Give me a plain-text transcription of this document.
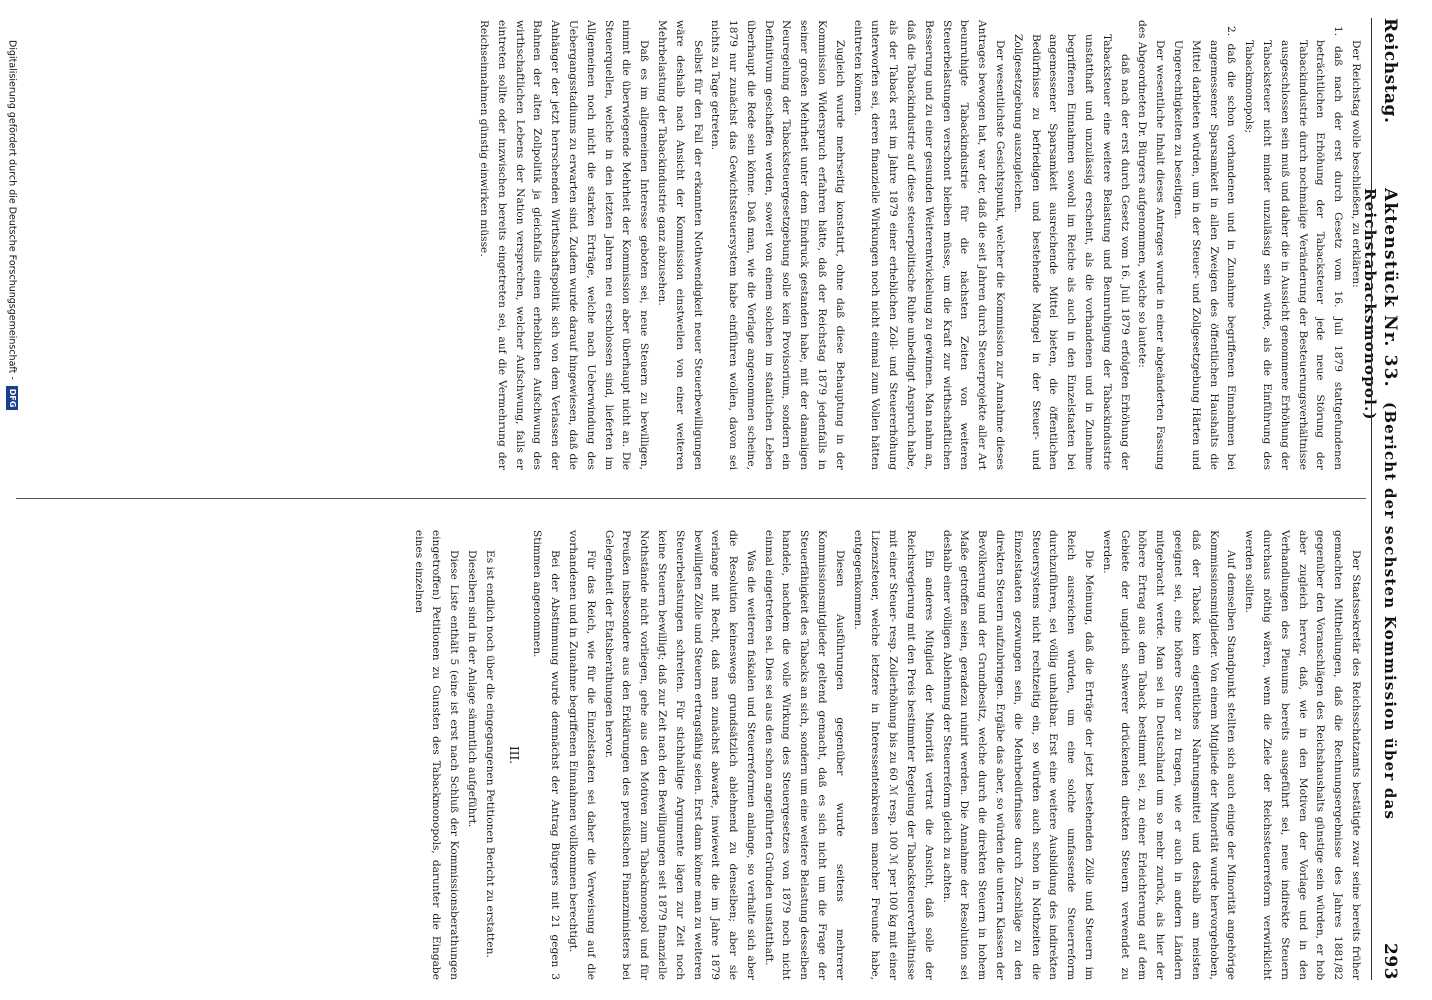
Reichstag.
Aktenstück Nr. 33.  (Bericht der sechsten Kommission über das Reichstabacksmonopol.)
293

Der Reichstag wolle beschließen, zu erklären:

1. daß nach der erst durch Gesetz vom 16. Juli 1879 stattgefundenen beträchtlichen Erhöhung der Tabacksteuer jede neue Störung der Tabackindustrie durch nochmalige Veränderung der Besteuerungsverhältnisse ausgeschlossen sein muß und daher die in Aussicht genommene Erhöhung der Tabacksteuer nicht minder unzulässig sein würde, als die Einführung des Tabackmonopols;

2. daß die schon vorhandenen und in Zunahme begriffenen Einnahmen bei angemessener Sparsamkeit in allen Zweigen des öffentlichen Haushalts die Mittel darbieten würden, um in der Steuer- und Zollgesetzgebung Härten und Ungerechtigkeiten zu beseitigen.

Der wesentliche Inhalt dieses Antrages wurde in einer abgeänderten Fassung des Abgeordneten Dr. Bürgers aufgenommen, welche so lautete:

daß nach der erst durch Gesetz vom 16. Juli 1879 erfolgten Erhöhung der Tabacksteuer eine weitere Belastung und Beunruhigung der Tabackindustrie unstatthaft und unzulässig erscheint, als die vorhandenen und in Zunahme begriffenen Einnahmen sowohl im Reiche als auch in den Einzelstaaten bei angemessener Sparsamkeit ausreichende Mittel bieten, die öffentlichen Bedürfnisse zu befriedigen und bestehende Mängel in der Steuer- und Zollgesetzgebung auszugleichen.

Der wesentlichste Gesichtspunkt, welcher die Kommission zur Annahme dieses Antrages bewogen hat, war der, daß die seit Jahren durch Steuerprojekte aller Art beunruhigte Tabackindustrie für die nächsten Zeiten von weiteren Steuerbelastungen verschont bleiben müsse, um die Kraft zur wirthschaftlichen Besserung und zu einer gesunden Weiterentwickelung zu gewinnen. Man nahm an, daß die Tabackindustrie auf diese steuerpolitische Ruhe unbedingt Anspruch habe, als der Taback erst im Jahre 1879 einer erheblichen Zoll- und Steuererhöhung unterworfen sei, deren finanzielle Wirkungen noch nicht einmal zum Vollen hätten eintreten können.

Zugleich wurde mehrseitig konstatirt, ohne daß diese Behauptung in der Kommission Widerspruch erfahren hätte, daß der Reichstag 1879 jedenfalls in seiner großen Mehrheit unter dem Eindruck gestanden habe, mit der damaligen Neuregelung der Tabacksteuergesetzgebung solle kein Provisorium, sondern ein Definitivum geschaffen werden, soweit von einem solchen im staatlichen Leben überhaupt die Rede sein könne. Daß man, wie die Vorlage angenommen scheine, 1879 nur zunächst das Gewichtssteuersystem habe einführen wollen, davon sei nichts zu Tage getreten.

Selbst für den Fall der erkannten Nothwendigkeit neuer Steuerbewilligungen wäre deshalb nach Ansicht der Kommission einstweilen von einer weiteren Mehrbelastung der Tabackindustrie ganz abzusehen.

Daß es im allgemeinen Interesse geboten sei, neue Steuern zu bewilligen, nimmt die überwiegende Mehrheit der Kommission aber überhaupt nicht an. Die Steuerquellen, welche in den letzten Jahren neu erschlossen sind, lieferten im Allgemeinen noch nicht die starken Erträge, welche nach Ueberwindung des Uebergangsstadiums zu erwarten sind. Zudem wurde darauf hingewiesen, daß die Anhänger der jetzt herrschenden Wirthschaftspolitik sich von dem Verlassen der Bahnen der alten Zollpolitik ja gleichfalls einen erheblichen Aufschwung des wirthschaftlichen Lebens der Nation versprechen, welcher Aufschwung, falls er eintreten sollte oder inzwischen bereits eingetreten sei, auf die Vermehrung der Reichseinnahmen günstig einwirken müsse.

Der Staatssekretär des Reichsschatzamts bestätigte zwar seine bereits früher gemachten Mittheilungen, daß die Rechnungsergebnisse des Jahres 1881/82 gegenüber den Voranschlägen des Reichshaushalts günstige sein würden, er hob aber zugleich hervor, daß, wie in den Motiven der Vorlage und in den Verhandlungen des Plenums bereits ausgeführt sei, neue indirekte Steuern durchaus nöthig wären, wenn die Ziele der Reichssteuerreform verwirklicht werden sollten.

Auf demselben Standpunkt stellten sich auch einige der Minorität angehörige Kommissionsmitglieder. Von einem Mitgliede der Minorität wurde hervorgehoben, daß der Taback kein eigentliches Nahrungsmittel und deshalb am meisten geeignet sei, eine höhere Steuer zu tragen, wie er auch in andern Ländern mitgebracht werde. Man sei in Deutschland um so mehr zurück, als hier der höhere Ertrag aus dem Taback bestimmt sei, zu einer Erleichterung auf dem Gebiete der ungleich schwerer drückenden direkten Steuern verwendet zu werden.

Die Meinung, daß die Erträge der jetzt bestehenden Zölle und Steuern im Reich ausreichen würden, um eine solche umfassende Steuerreform durchzuführen, sei völlig unhaltbar. Erst eine weitere Ausbildung des indirekten Steuersystems nicht rechtzeitig ein, so würden auch schon in Nothzeiten die Einzelstaaten gezwungen sein, die Mehrbedürfnisse durch Zuschläge zu den direkten Steuern aufzubringen. Ergäbe das aber, so würden die untern Klassen der Bevölkerung und der Grundbesitz, welche durch die direkten Steuern in hohem Maße getroffen seien, geradezu ruinirt werden. Die Annahme der Resolution sei deshalb einer völligen Ablehnung der Steuerreform gleich zu achten.

Ein anderes Mitglied der Minorität vertrat die Ansicht, daß solle der Reichsregierung mit den Preis bestimmter Regelung der Tabacksteuerverhältnisse mit einer Steuer- resp. Zollerhöhung bis zu 60 ℳ resp. 100 ℳ per 100 kg mit einer Lizenzsteuer, welche letztere in Interessentenkreisen mancher Freunde habe, entgegenkommen.

Diesen Ausführungen gegenüber wurde seitens mehrerer Kommissionsmitglieder geltend gemacht, daß es sich nicht um die Frage der Steuerfähigkeit des Tabacks an sich, sondern um eine weitere Belastung desselben handele, nachdem die volle Wirkung des Steuergesetzes von 1879 noch nicht einmal eingetreten sei. Dies sei aus den schon angeführten Gründen unstatthaft.

Was die weiteren fiskalen und Steuerreformen anlange, so verhalte sich aber die Resolution keineswegs grundsätzlich ablehnend zu denselben; aber sie verlange mit Recht, daß man zunächst abwarte, inwieweit die im Jahre 1879 bewilligten Zölle und Steuern ertragsfähig seien. Erst dann könne man zu weiteren Steuerbelastungen schreiten. Für stichhaltige Argumente lägen zur Zeit noch keine Steuern bewilligt; daß zur Zeit nach den Bewilligungen seit 1879 finanzielle Nothstände nicht vorliegen, gehe aus den Motiven zum Tabackmonopol und für Preußen insbesondere aus den Erklärungen des preußischen Finanzministers bei Gelegenheit der Etatsberathungen hervor.

Für das Reich, wie für die Einzelstaaten sei daher die Verweisung auf die vorhandenen und in Zunahme begriffenen Einnahmen vollkommen berechtigt.

Bei der Abstimmung wurde demnächst der Antrag Bürgers mit 21 gegen 3 Stimmen angenommen.

III.

Es ist endlich noch über die eingegangenen Petitionen Bericht zu erstatten.

Dieselben sind in der Anlage sämmtlich aufgeführt.

Diese Liste enthält 5 (eine ist erst nach Schluß der Kommissionsberathungen eingetroffen) Petitionen zu Gunsten des Tabackmonopols, darunter die Eingabe eines einzelnen

Digitalisierung gefördert durch die Deutsche Forschungsgemeinschaft -DFG
